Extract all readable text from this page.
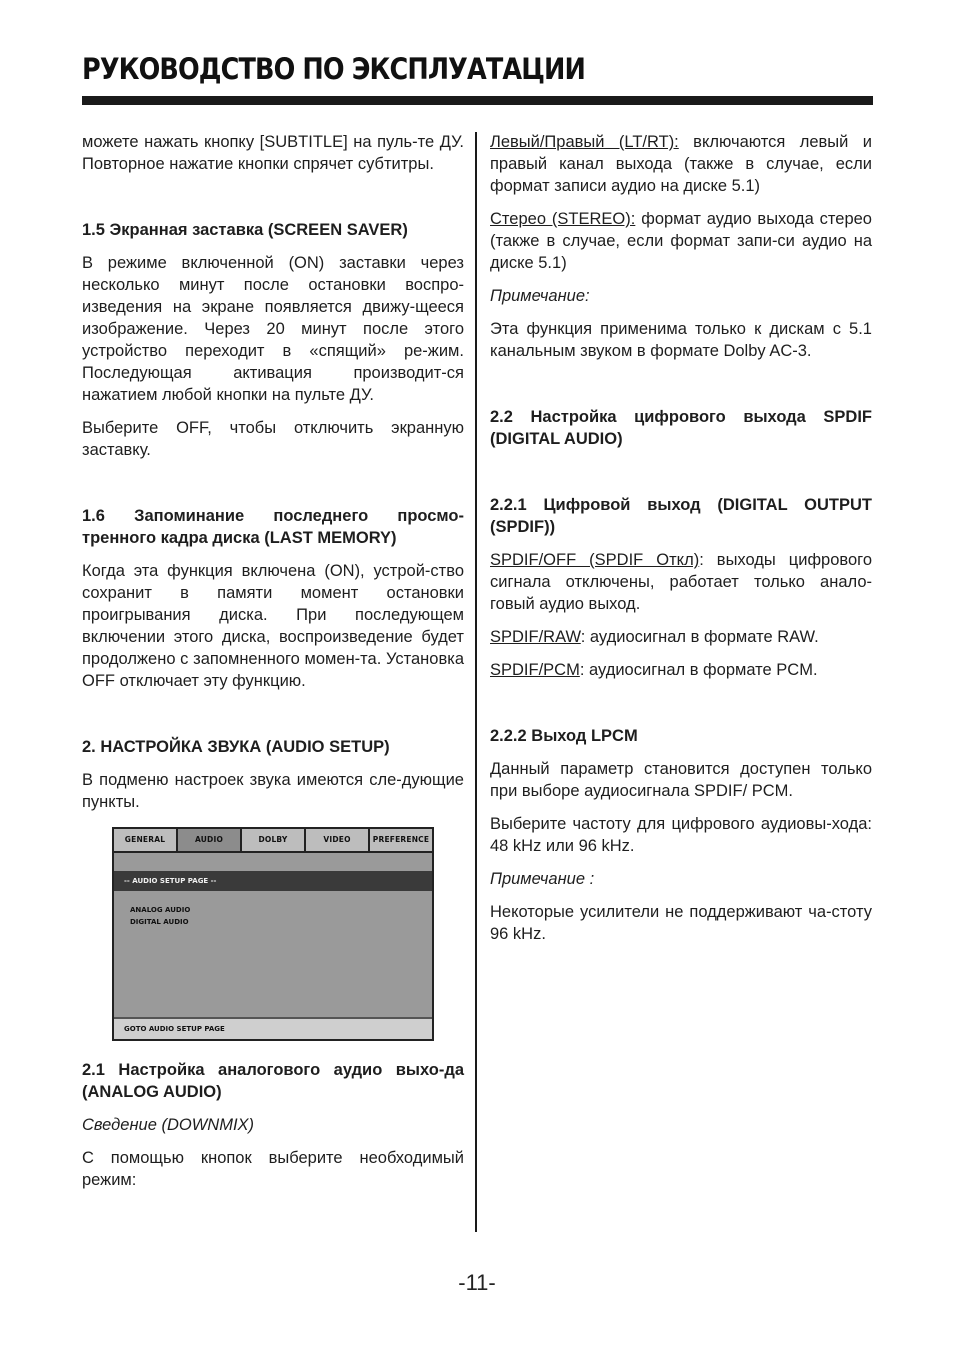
РУКОВОДСТВО ПО ЭКСПЛУАТАЦИИ

можете нажать кнопку [SUBTITLE] на пуль-те ДУ. Повторное нажатие кнопки спрячет субтитры.

1.5 Экранная заставка (SCREEN SAVER)

В режиме включенной (ON) заставки через несколько минут после остановки воспро-изведения на экране появляется движу-щееся изображение. Через 20 минут после этого устройство переходит в «спящий» ре-жим. Последующая активация производит-ся нажатием любой кнопки на пульте ДУ.

Выберите OFF, чтобы отключить экранную заставку.

1.6 Запоминание последнего просмо-тренного кадра диска (LAST MEMORY)

Когда эта функция включена (ON), устрой-ство сохранит в памяти момент остановки проигрывания диска. При последующем включении этого диска, воспроизведение будет продолжено с запомненного момен-та. Установка OFF отключает эту функцию.

2. НАСТРОЙКА ЗВУКА (AUDIO SETUP)

В подменю настроек звука имеются сле-дующие пункты.

GENERAL	AUDIO	DOLBY	VIDEO	PREFERENCE
-- AUDIO SETUP PAGE --
ANALOG AUDIO
DIGITAL AUDIO
GOTO AUDIO SETUP PAGE
2.1 Настройка аналогового аудио выхо-да (ANALOG AUDIO)

Сведение (DOWNMIX)

С помощью кнопок выберите необходимый режим:

Левый/Правый (LT/RT): включаются левый и правый канал выхода (также в случае, если формат записи аудио на диске 5.1)

Стерео (STEREO): формат аудио выхода стерео (также в случае, если формат запи-си аудио на диске 5.1)

Примечание:

Эта функция применима только к дискам с 5.1 канальным звуком в формате Dolby AC-3.

2.2 Настройка цифрового выхода SPDIF (DIGITAL AUDIO)
2.2.1 Цифровой выход (DIGITAL OUTPUT (SPDIF))

SPDIF/OFF (SPDIF Откл): выходы цифрового сигнала отключены, работает только анало-говый аудио выход.

SPDIF/RAW: аудиосигнал в формате RAW.

SPDIF/PCM: аудиосигнал в формате PCM.

2.2.2 Выход LPCM

Данный параметр становится доступен только при выборе аудиосигнала SPDIF/ PCM.

Выберите частоту для цифрового аудиовы-хода: 48 kHz или 96 kHz.

Примечание :

Некоторые усилители не поддерживают ча-стоту 96 kHz.

-11-
